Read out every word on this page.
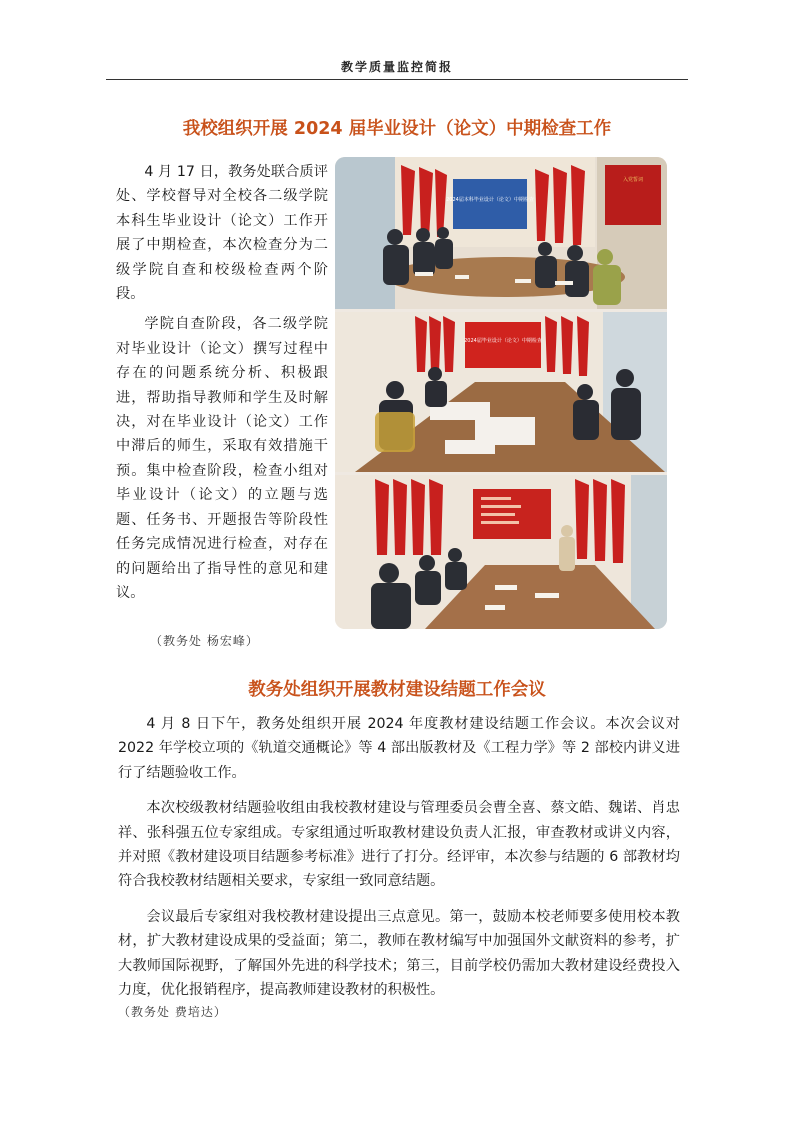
教学质量监控简报
我校组织开展 2024 届毕业设计（论文）中期检查工作

4 月 17 日，教务处联合质评处、学校督导对全校各二级学院本科生毕业设计（论文）工作开展了中期检查，本次检查分为二级学院自查和校级检查两个阶段。

学院自查阶段，各二级学院对毕业设计（论文）撰写过程中存在的问题系统分析、积极跟进，帮助指导教师和学生及时解决，对在毕业设计（论文）工作中滞后的师生，采取有效措施干预。集中检查阶段，检查小组对毕业设计（论文）的立题与选题、任务书、开题报告等阶段性任务完成情况进行检查，对存在的问题给出了指导性的意见和建议。

（教务处 杨宏峰）
2024届本科毕业设计（论文）中期检查
入党誓词
2024届毕业设计（论文）中期检查
教务处组织开展教材建设结题工作会议

4 月 8 日下午，教务处组织开展 2024 年度教材建设结题工作会议。本次会议对 2022 年学校立项的《轨道交通概论》等 4 部出版教材及《工程力学》等 2 部校内讲义进行了结题验收工作。

本次校级教材结题验收组由我校教材建设与管理委员会曹全喜、蔡文皓、魏诺、肖忠祥、张科强五位专家组成。专家组通过听取教材建设负责人汇报，审查教材或讲义内容，并对照《教材建设项目结题参考标准》进行了打分。经评审，本次参与结题的 6 部教材均符合我校教材结题相关要求，专家组一致同意结题。

会议最后专家组对我校教材建设提出三点意见。第一，鼓励本校老师要多使用校本教材，扩大教材建设成果的受益面；第二，教师在教材编写中加强国外文献资料的参考，扩大教师国际视野，了解国外先进的科学技术；第三，目前学校仍需加大教材建设经费投入力度，优化报销程序，提高教师建设教材的积极性。

（教务处 费培达）
